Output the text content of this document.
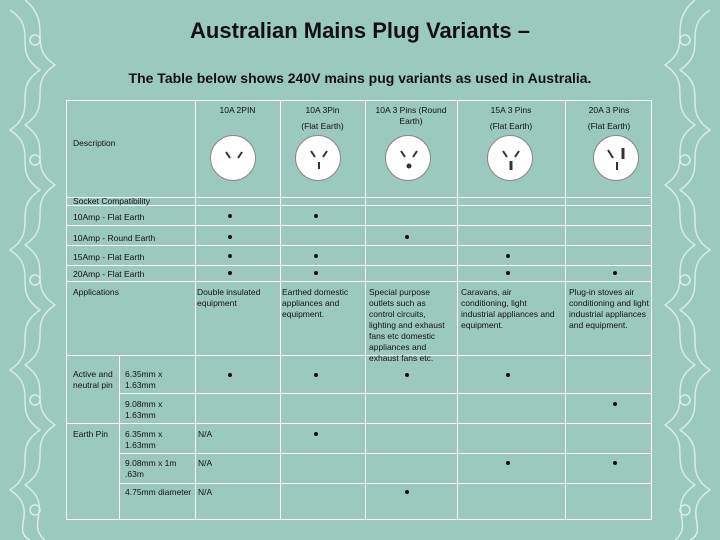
Australian Mains Plug Variants –
The Table below shows 240V mains pug variants as used in Australia.
10A 2PIN	10A 3Pin
(Flat Earth)
10A 3 Pins (Round
Earth)
15A 3 Pins
(Flat Earth)
20A 3 Pins
(Flat Earth)
Description
Socket Compatibility
10Amp - Flat Earth
10Amp - Round Earth
15Amp - Flat Earth
20Amp - Flat Earth
Applications	Double insulated equipment
Earthed domestic appliances and equipment.
Special purpose outlets such as control circuits, lighting and exhaust fans etc domestic appliances and exhaust fans etc.
Caravans, air conditioning, light industrial appliances and equipment.
Plug-in stoves air conditioning and light industrial appliances and equipment.
Active and neutral pin
6.35mm x 1.63mm
9.08mm x 1.63mm
Earth Pin 6.35mm x 1.63mm
9.08mm x 1m .63m
4.75mm diameter
N/A
N/A
N/A
